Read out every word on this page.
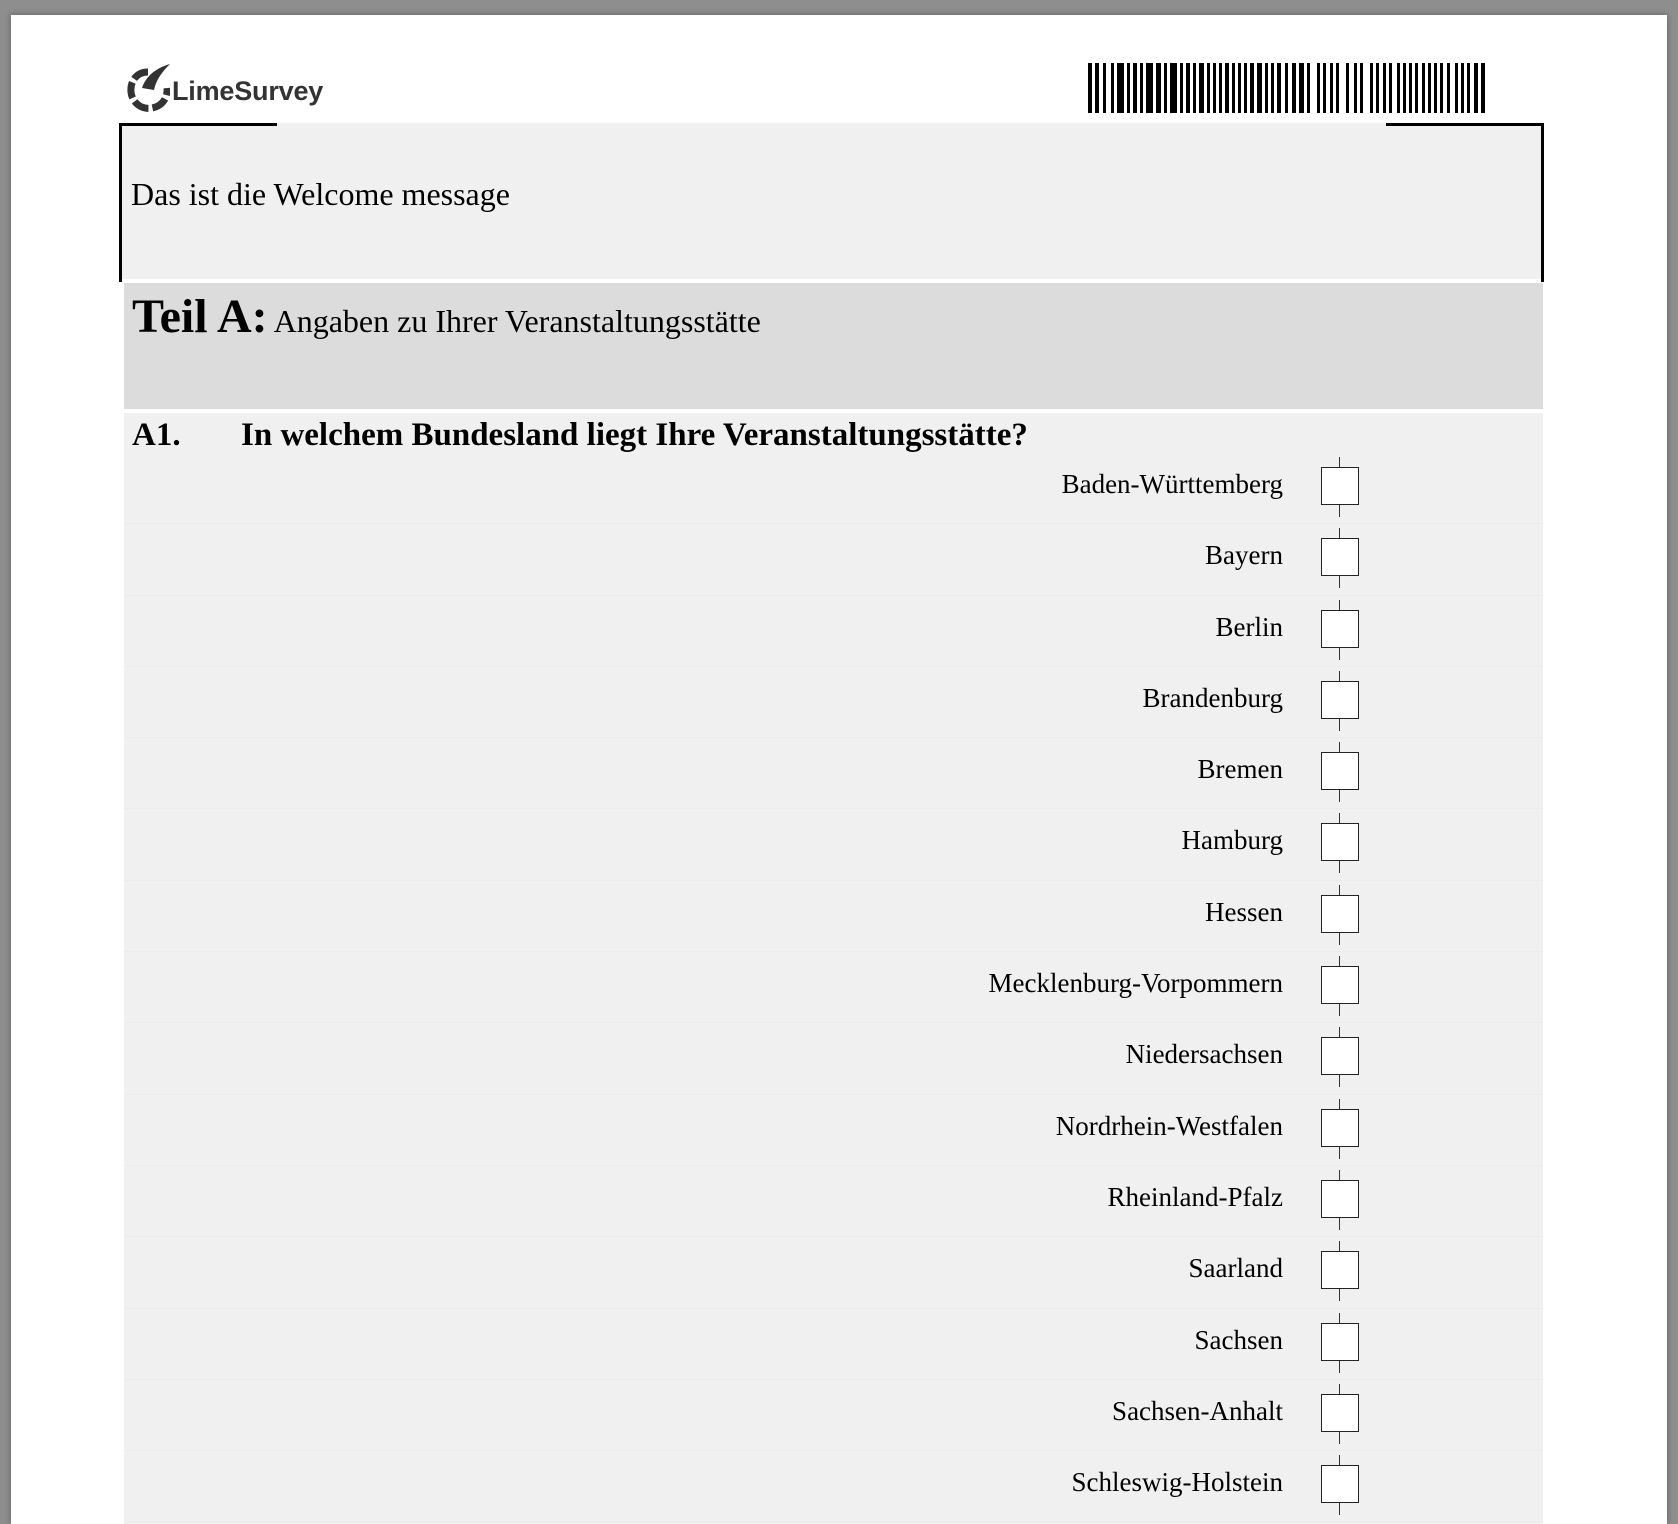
LimeSurvey
Das ist die Welcome message
Teil A: Angaben zu Ihrer Veranstaltungsstätte
A1. In welchem Bundesland liegt Ihre Veranstaltungsstätte?
Baden-Württemberg
Bayern
Berlin
Brandenburg
Bremen
Hamburg
Hessen
Mecklenburg-Vorpommern
Niedersachsen
Nordrhein-Westfalen
Rheinland-Pfalz
Saarland
Sachsen
Sachsen-Anhalt
Schleswig-Holstein
